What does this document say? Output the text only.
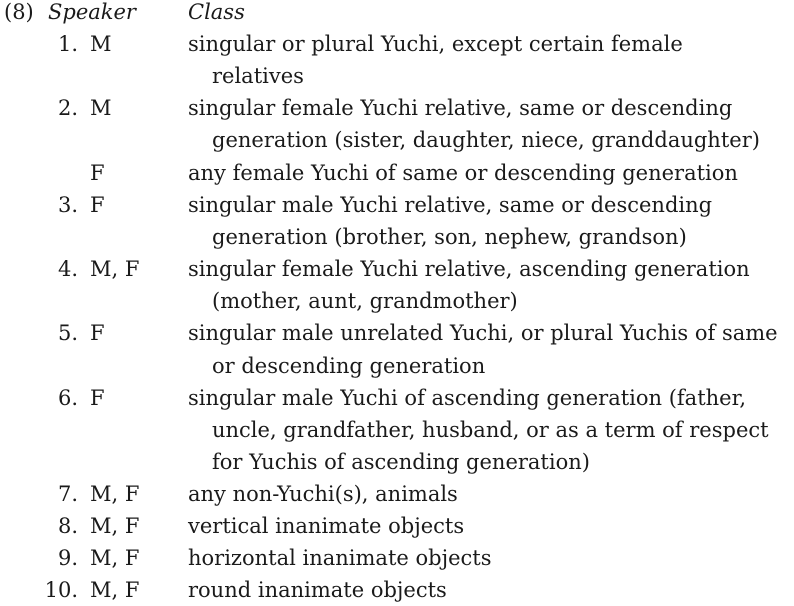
(8) Speaker Class
1. M	singular or plural Yuchi, except certain female
relatives
2. M	singular female Yuchi relative, same or descending
generation (sister, daughter, niece, granddaughter)
F	any female Yuchi of same or descending generation
3. F	singular male Yuchi relative, same or descending
generation (brother, son, nephew, grandson)
4. M, F singular female Yuchi relative, ascending generation
(mother, aunt, grandmother)
5. F	singular male unrelated Yuchi, or plural Yuchis of same
or descending generation
6. F	singular male Yuchi of ascending generation (father,
uncle, grandfather, husband, or as a term of respect
for Yuchis of ascending generation)
7. M, F any non-Yuchi(s), animals
8. M, F vertical inanimate objects
9. M, F horizontal inanimate objects
10. M, F round inanimate objects
